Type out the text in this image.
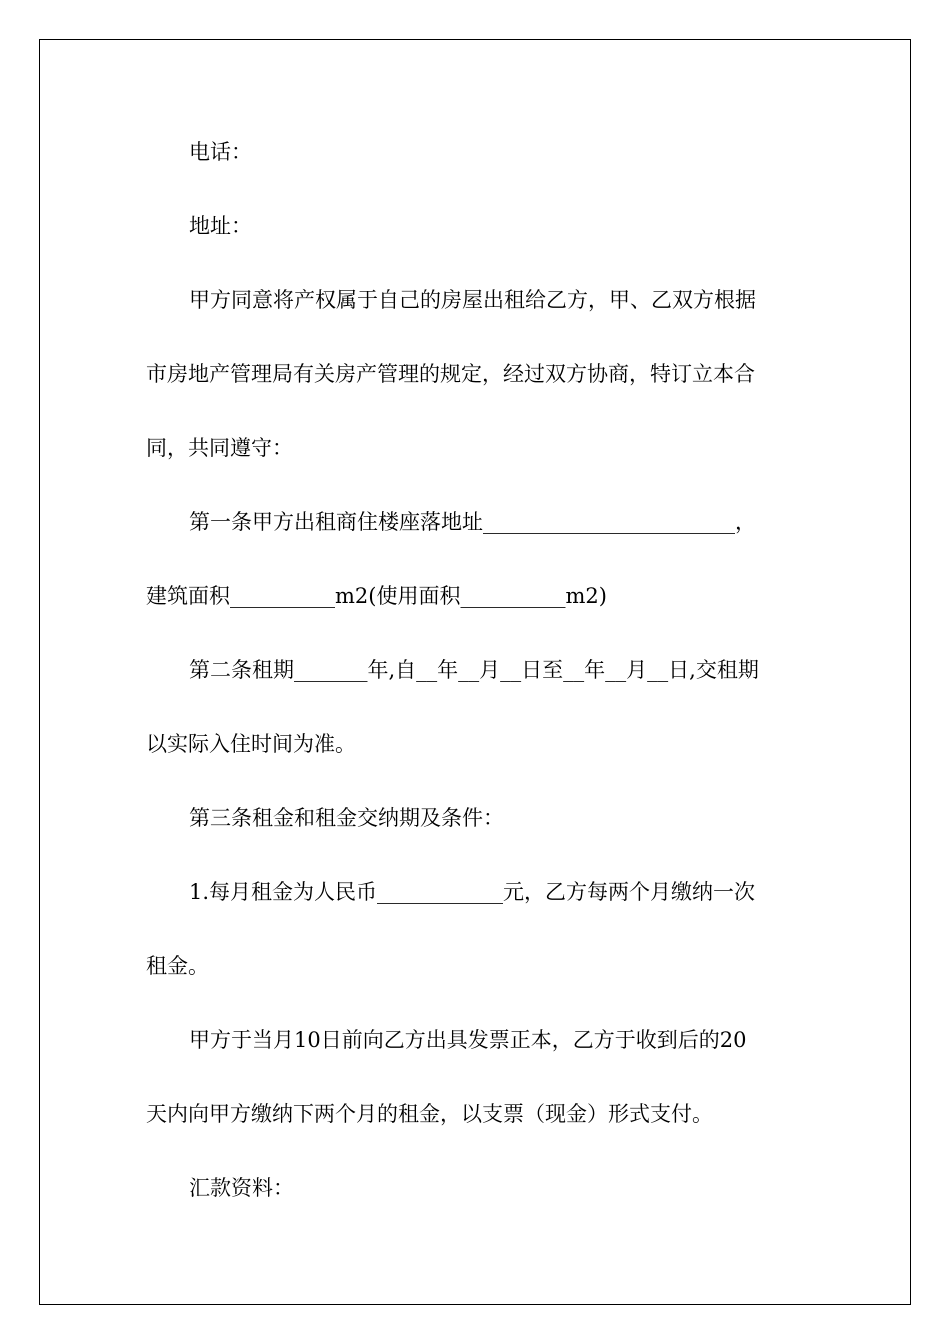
电话：

地址：

甲方同意将产权属于自己的房屋出租给乙方，甲、乙双方根据

市房地产管理局有关房产管理的规定，经过双方协商，特订立本合

同，共同遵守：

第一条甲方出租商住楼座落地址________________________，

建筑面积__________m2(使用面积__________m2)

第二条租期_______年,自__年__月__日至__年__月__日,交租期

以实际入住时间为准。

第三条租金和租金交纳期及条件：

1.每月租金为人民币____________元，乙方每两个月缴纳一次

租金。

甲方于当月10日前向乙方出具发票正本，乙方于收到后的20

天内向甲方缴纳下两个月的租金，以支票（现金）形式支付。

汇款资料：
